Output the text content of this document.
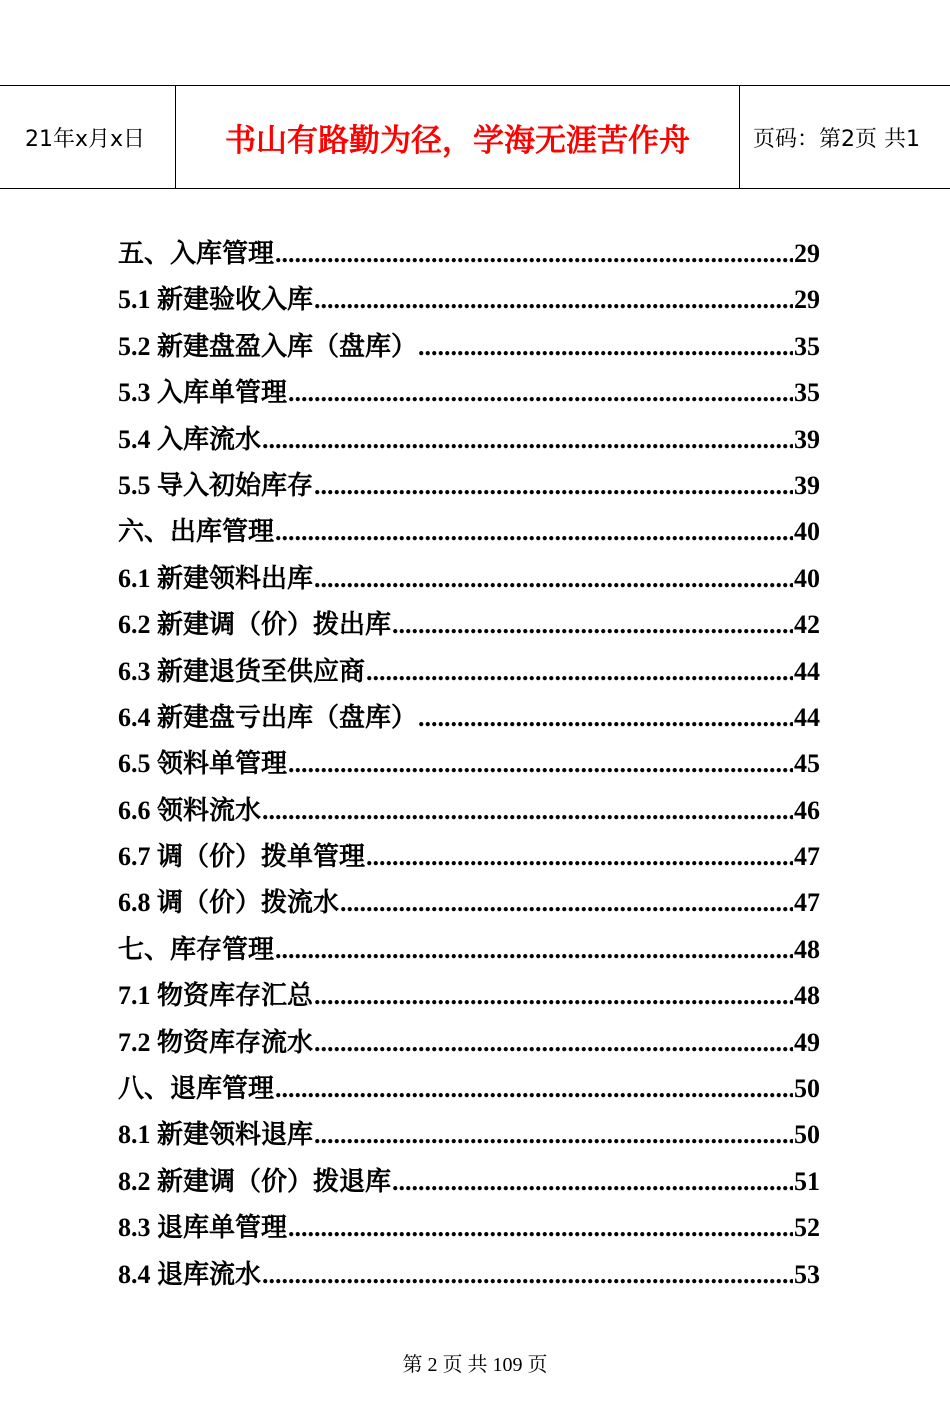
21年x月x日	书山有路勤为径，学海无涯苦作舟	页码：第2页 共1
五、入库管理 .....	29
5.1 新建验收入库 .....	29
5.2 新建盘盈入库（盘库） .....	35
5.3 入库单管理 .....	35
5.4 入库流水 .....	39
5.5 导入初始库存 .....	39
六、出库管理 .....	40
6.1 新建领料出库 .....	40
6.2 新建调（价）拨出库 .....	42
6.3 新建退货至供应商 .....	44
6.4 新建盘亏出库（盘库） .....	44
6.5 领料单管理 .....	45
6.6 领料流水 .....	46
6.7 调（价）拨单管理 .....	47
6.8 调（价）拨流水 .....	47
七、库存管理 .....	48
7.1 物资库存汇总 .....	48
7.2 物资库存流水 .....	49
八、退库管理 .....	50
8.1 新建领料退库 .....	50
8.2 新建调（价）拨退库 .....	51
8.3 退库单管理 .....	52
8.4 退库流水 .....	53
第 2 页 共 109 页
